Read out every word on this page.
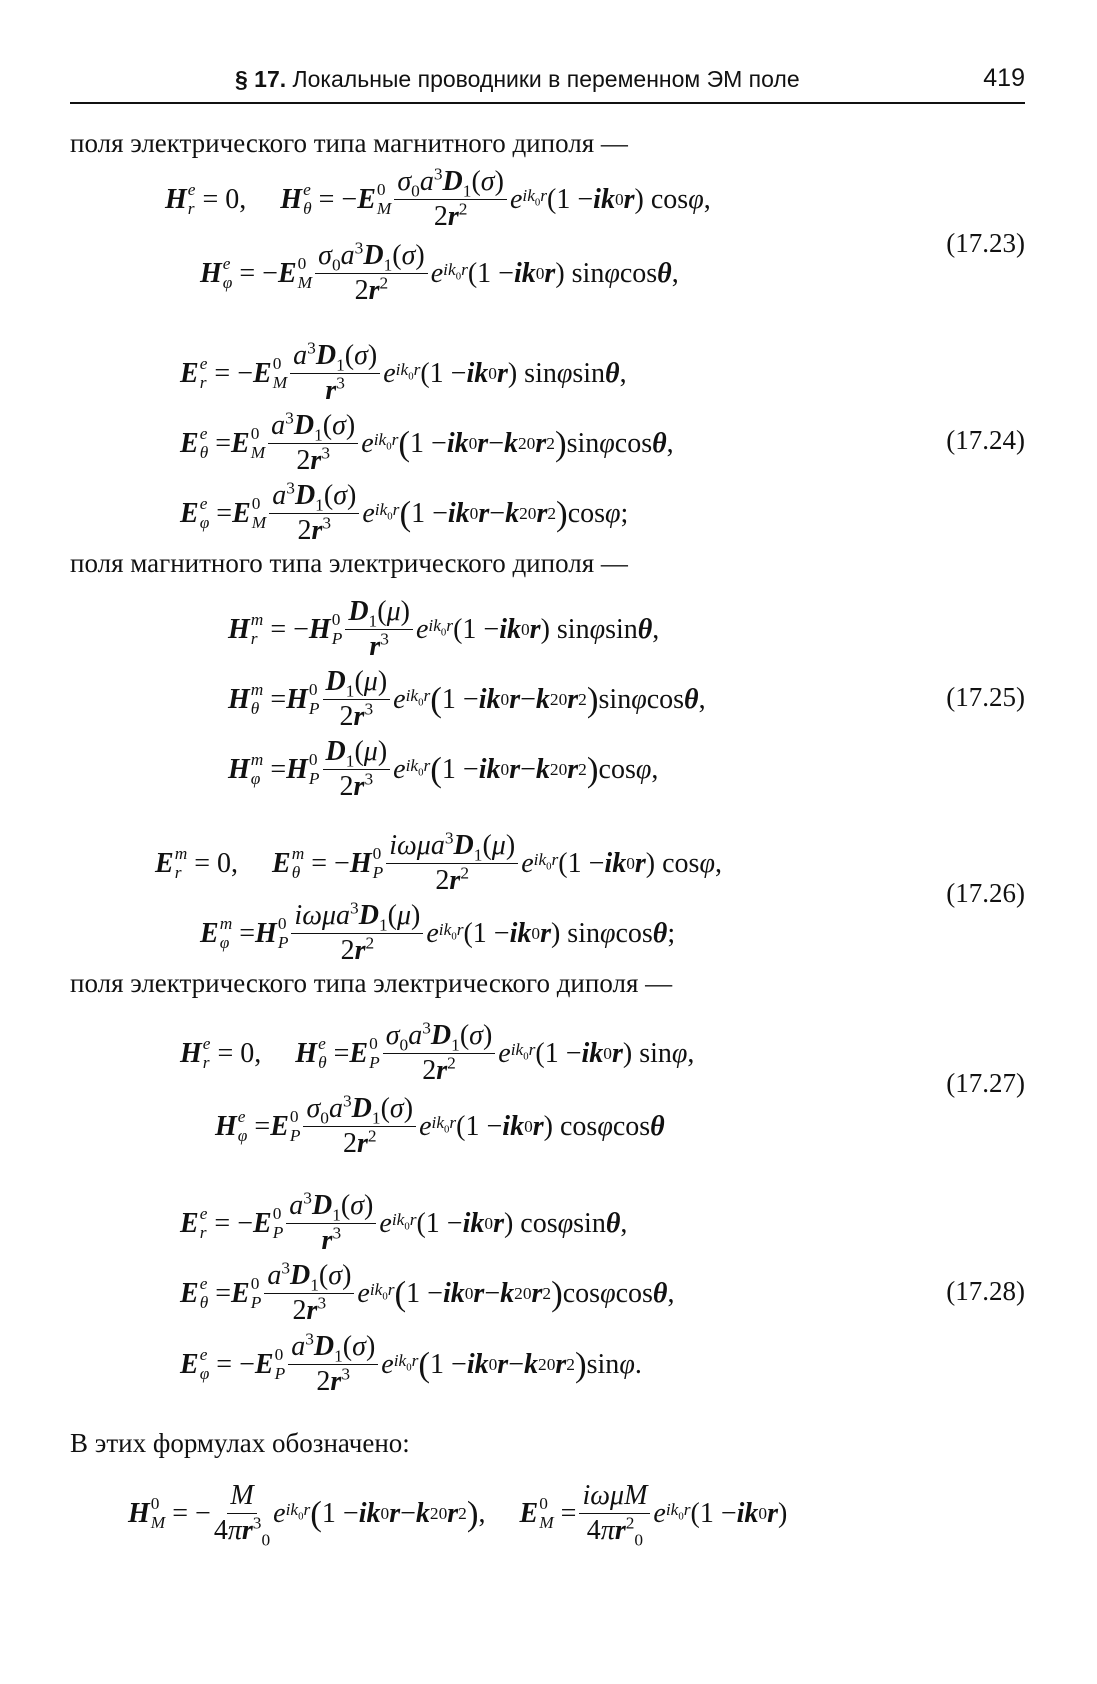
§ 17. Локальные проводники в переменном ЭМ поле	419
поля электрического типа магнитного диполя —
H e
r = 0, H e
θ = − E 0
M
$\sigma_0a^3D_1(\sigma)$
$2r^2$ e $ik_0r$ (1 − ik 0 r ) cos φ ,
H e
φ = − E 0
M
$\sigma_0a^3D_1(\sigma)$
$2r^2$ e $ik_0r$ (1 − ik 0 r ) sin φ cos θ ,
(17.23)
E e
r = − E 0
M
$a^3D_1(\sigma)$
$r^3$ e $ik_0r$ (1 − ik 0 r ) sin φ sin θ ,
E e
θ = E 0
M
$a^3D_1(\sigma)$
$2r^3$ e $ik_0r$ ( 1 − ik 0 r − k 2 0 r 2 ) sin φ cos θ ,
E e
φ = E 0
M
$a^3D_1(\sigma)$
$2r^3$ e $ik_0r$ ( 1 − ik 0 r − k 2 0 r 2 ) cos φ ;
(17.24)
поля магнитного типа электрического диполя —
H m
r = − H 0
P
$D_1(\mu)$
$r^3$ e $ik_0r$ (1 − ik 0 r ) sin φ sin θ ,
H m
θ = H 0
P
$D_1(\mu)$
$2r^3$ e $ik_0r$ ( 1 − ik 0 r − k 2 0 r 2 ) sin φ cos θ ,
H m
φ = H 0
P
$D_1(\mu)$
$2r^3$ e $ik_0r$ ( 1 − ik 0 r − k 2 0 r 2 ) cos φ ,
(17.25)
E m
r = 0, E m
θ = − H 0
P
$i\omega\mu a^3D_1(\mu)$
$2r^2$ e $ik_0r$ (1 − ik 0 r ) cos φ ,
E m
φ = H 0
P
$i\omega\mu a^3D_1(\mu)$
$2r^2$ e $ik_0r$ (1 − ik 0 r ) sin φ cos θ ;
(17.26)
поля электрического типа электрического диполя —
H e
r = 0, H e
θ = E 0
P
$\sigma_0a^3D_1(\sigma)$
$2r^2$ e $ik_0r$ (1 − ik 0 r ) sin φ ,
H e
φ = E 0
P
$\sigma_0a^3D_1(\sigma)$
$2r^2$ e $ik_0r$ (1 − ik 0 r ) cos φ cos θ
(17.27)
E e
r = − E 0
P
$a^3D_1(\sigma)$
$r^3$ e $ik_0r$ (1 − ik 0 r ) cos φ sin θ ,
E e
θ = E 0
P
$a^3D_1(\sigma)$
$2r^3$ e $ik_0r$ ( 1 − ik 0 r − k 2 0 r 2 ) cos φ cos θ ,
E e
φ = − E 0
P
$a^3D_1(\sigma)$
$2r^3$ e $ik_0r$ ( 1 − ik 0 r − k 2 0 r 2 ) sin φ .
(17.28)
В этих формулах обозначено:
H 0
M = −
M
$4\pi r^3_0$
e $ik_0r$ ( 1 − ik 0 r − k 2 0 r 2 ) , E 0
M =
iωμM
$4\pi r^2_0$
e $ik_0r$ (1 − ik 0 r )
